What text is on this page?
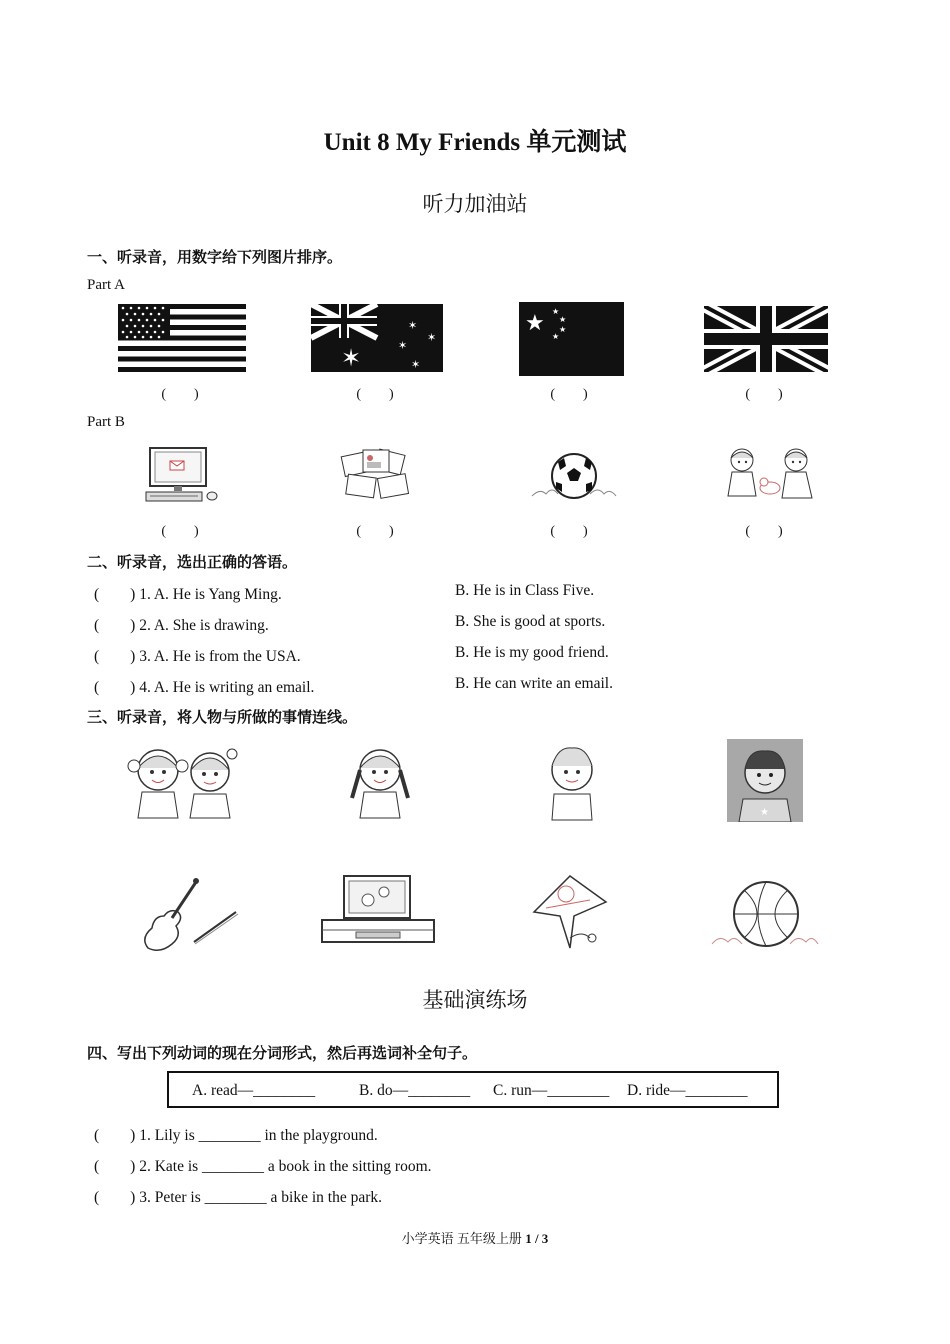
Unit 8 My Friends 单元测试
听力加油站
一、听录音，用数字给下列图片排序。
Part A
✶
✶
✶
✶
✶
★ ★
★
★
★
(　　)	(　　)	(　　)	(　　)
Part B
(　　)	(　　)	(　　)	(　　)
二、听录音，选出正确的答语。
(　　) 1. A. He is Yang Ming.	B. He is in Class Five.
(　　) 2. A. She is drawing.	B. She is good at sports.
(　　) 3. A. He is from the USA.	B. He is my good friend.
(　　) 4. A. He is writing an email.	B. He can write an email.
三、听录音，将人物与所做的事情连线。
★
基础演练场
四、写出下列动词的现在分词形式，然后再选词补全句子。
A. read—________	B. do—________ C. run—________ D. ride—________
(　　) 1. Lily is ________ in the playground.
(　　) 2. Kate is ________ a book in the sitting room.
(　　) 3. Peter is ________ a bike in the park.
小学英语 五年级上册 1 / 3
